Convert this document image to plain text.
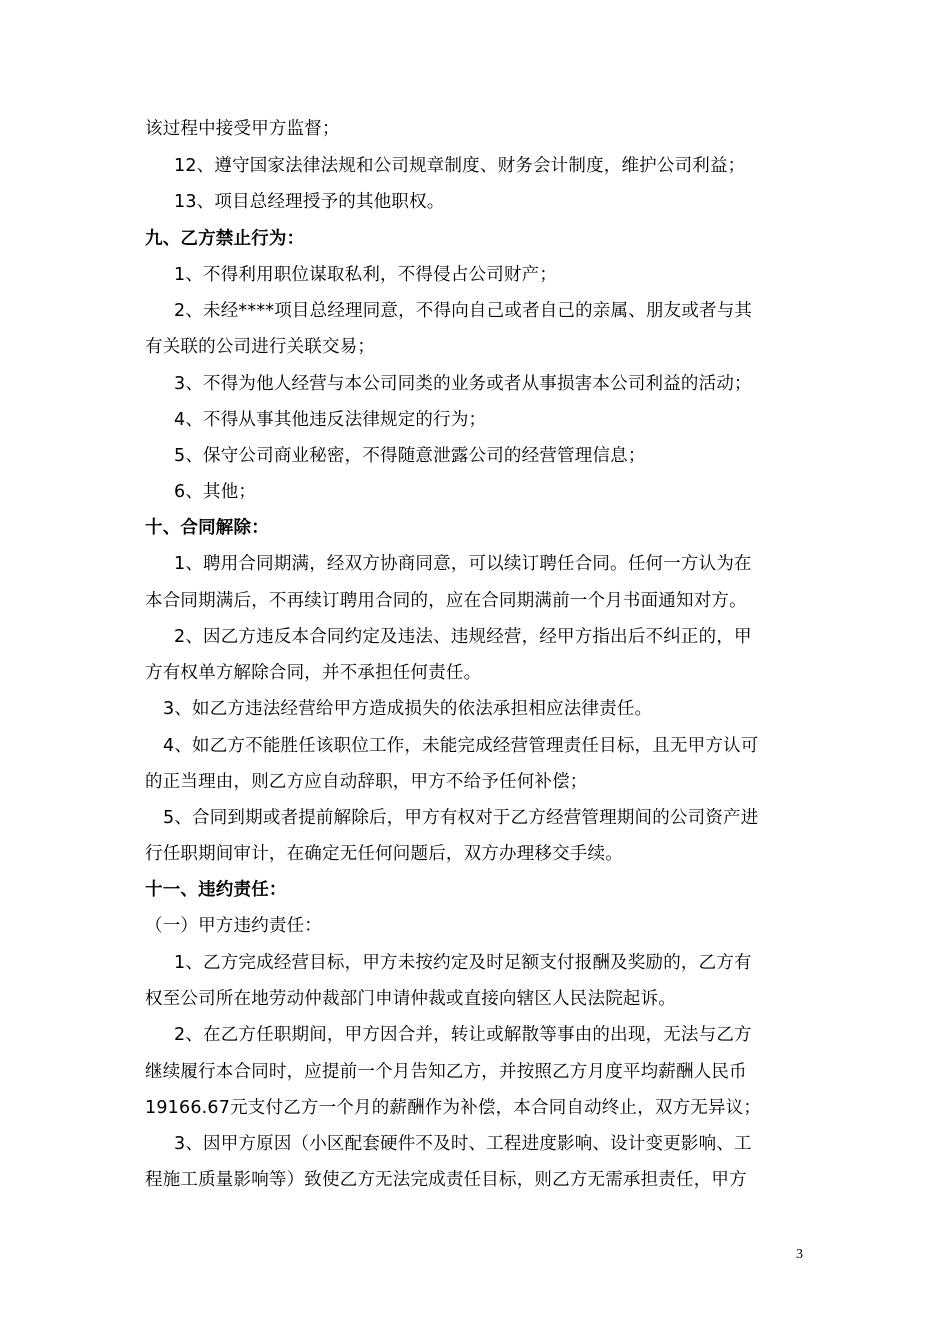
该过程中接受甲方监督；
12、遵守国家法律法规和公司规章制度、财务会计制度，维护公司利益；
13、项目总经理授予的其他职权。
九、乙方禁止行为：
1、不得利用职位谋取私利，不得侵占公司财产；
2、未经****项目总经理同意，不得向自己或者自己的亲属、朋友或者与其
有关联的公司进行关联交易；
3、不得为他人经营与本公司同类的业务或者从事损害本公司利益的活动；
4、不得从事其他违反法律规定的行为；
5、保守公司商业秘密，不得随意泄露公司的经营管理信息；
6、其他；
十、合同解除：
1、聘用合同期满，经双方协商同意，可以续订聘任合同。任何一方认为在
本合同期满后，不再续订聘用合同的，应在合同期满前一个月书面通知对方。
2、因乙方违反本合同约定及违法、违规经营，经甲方指出后不纠正的，甲
方有权单方解除合同，并不承担任何责任。
3、如乙方违法经营给甲方造成损失的依法承担相应法律责任。
4、如乙方不能胜任该职位工作，未能完成经营管理责任目标，且无甲方认可
的正当理由，则乙方应自动辞职，甲方不给予任何补偿；
5、合同到期或者提前解除后，甲方有权对于乙方经营管理期间的公司资产进
行任职期间审计，在确定无任何问题后，双方办理移交手续。
十一、违约责任：
（一）甲方违约责任：
1、乙方完成经营目标，甲方未按约定及时足额支付报酬及奖励的，乙方有
权至公司所在地劳动仲裁部门申请仲裁或直接向辖区人民法院起诉。
2、在乙方任职期间，甲方因合并，转让或解散等事由的出现，无法与乙方
继续履行本合同时，应提前一个月告知乙方，并按照乙方月度平均薪酬人民币
19166.67元支付乙方一个月的薪酬作为补偿，本合同自动终止，双方无异议；
3、因甲方原因（小区配套硬件不及时、工程进度影响、设计变更影响、工
程施工质量影响等）致使乙方无法完成责任目标，则乙方无需承担责任，甲方
3
